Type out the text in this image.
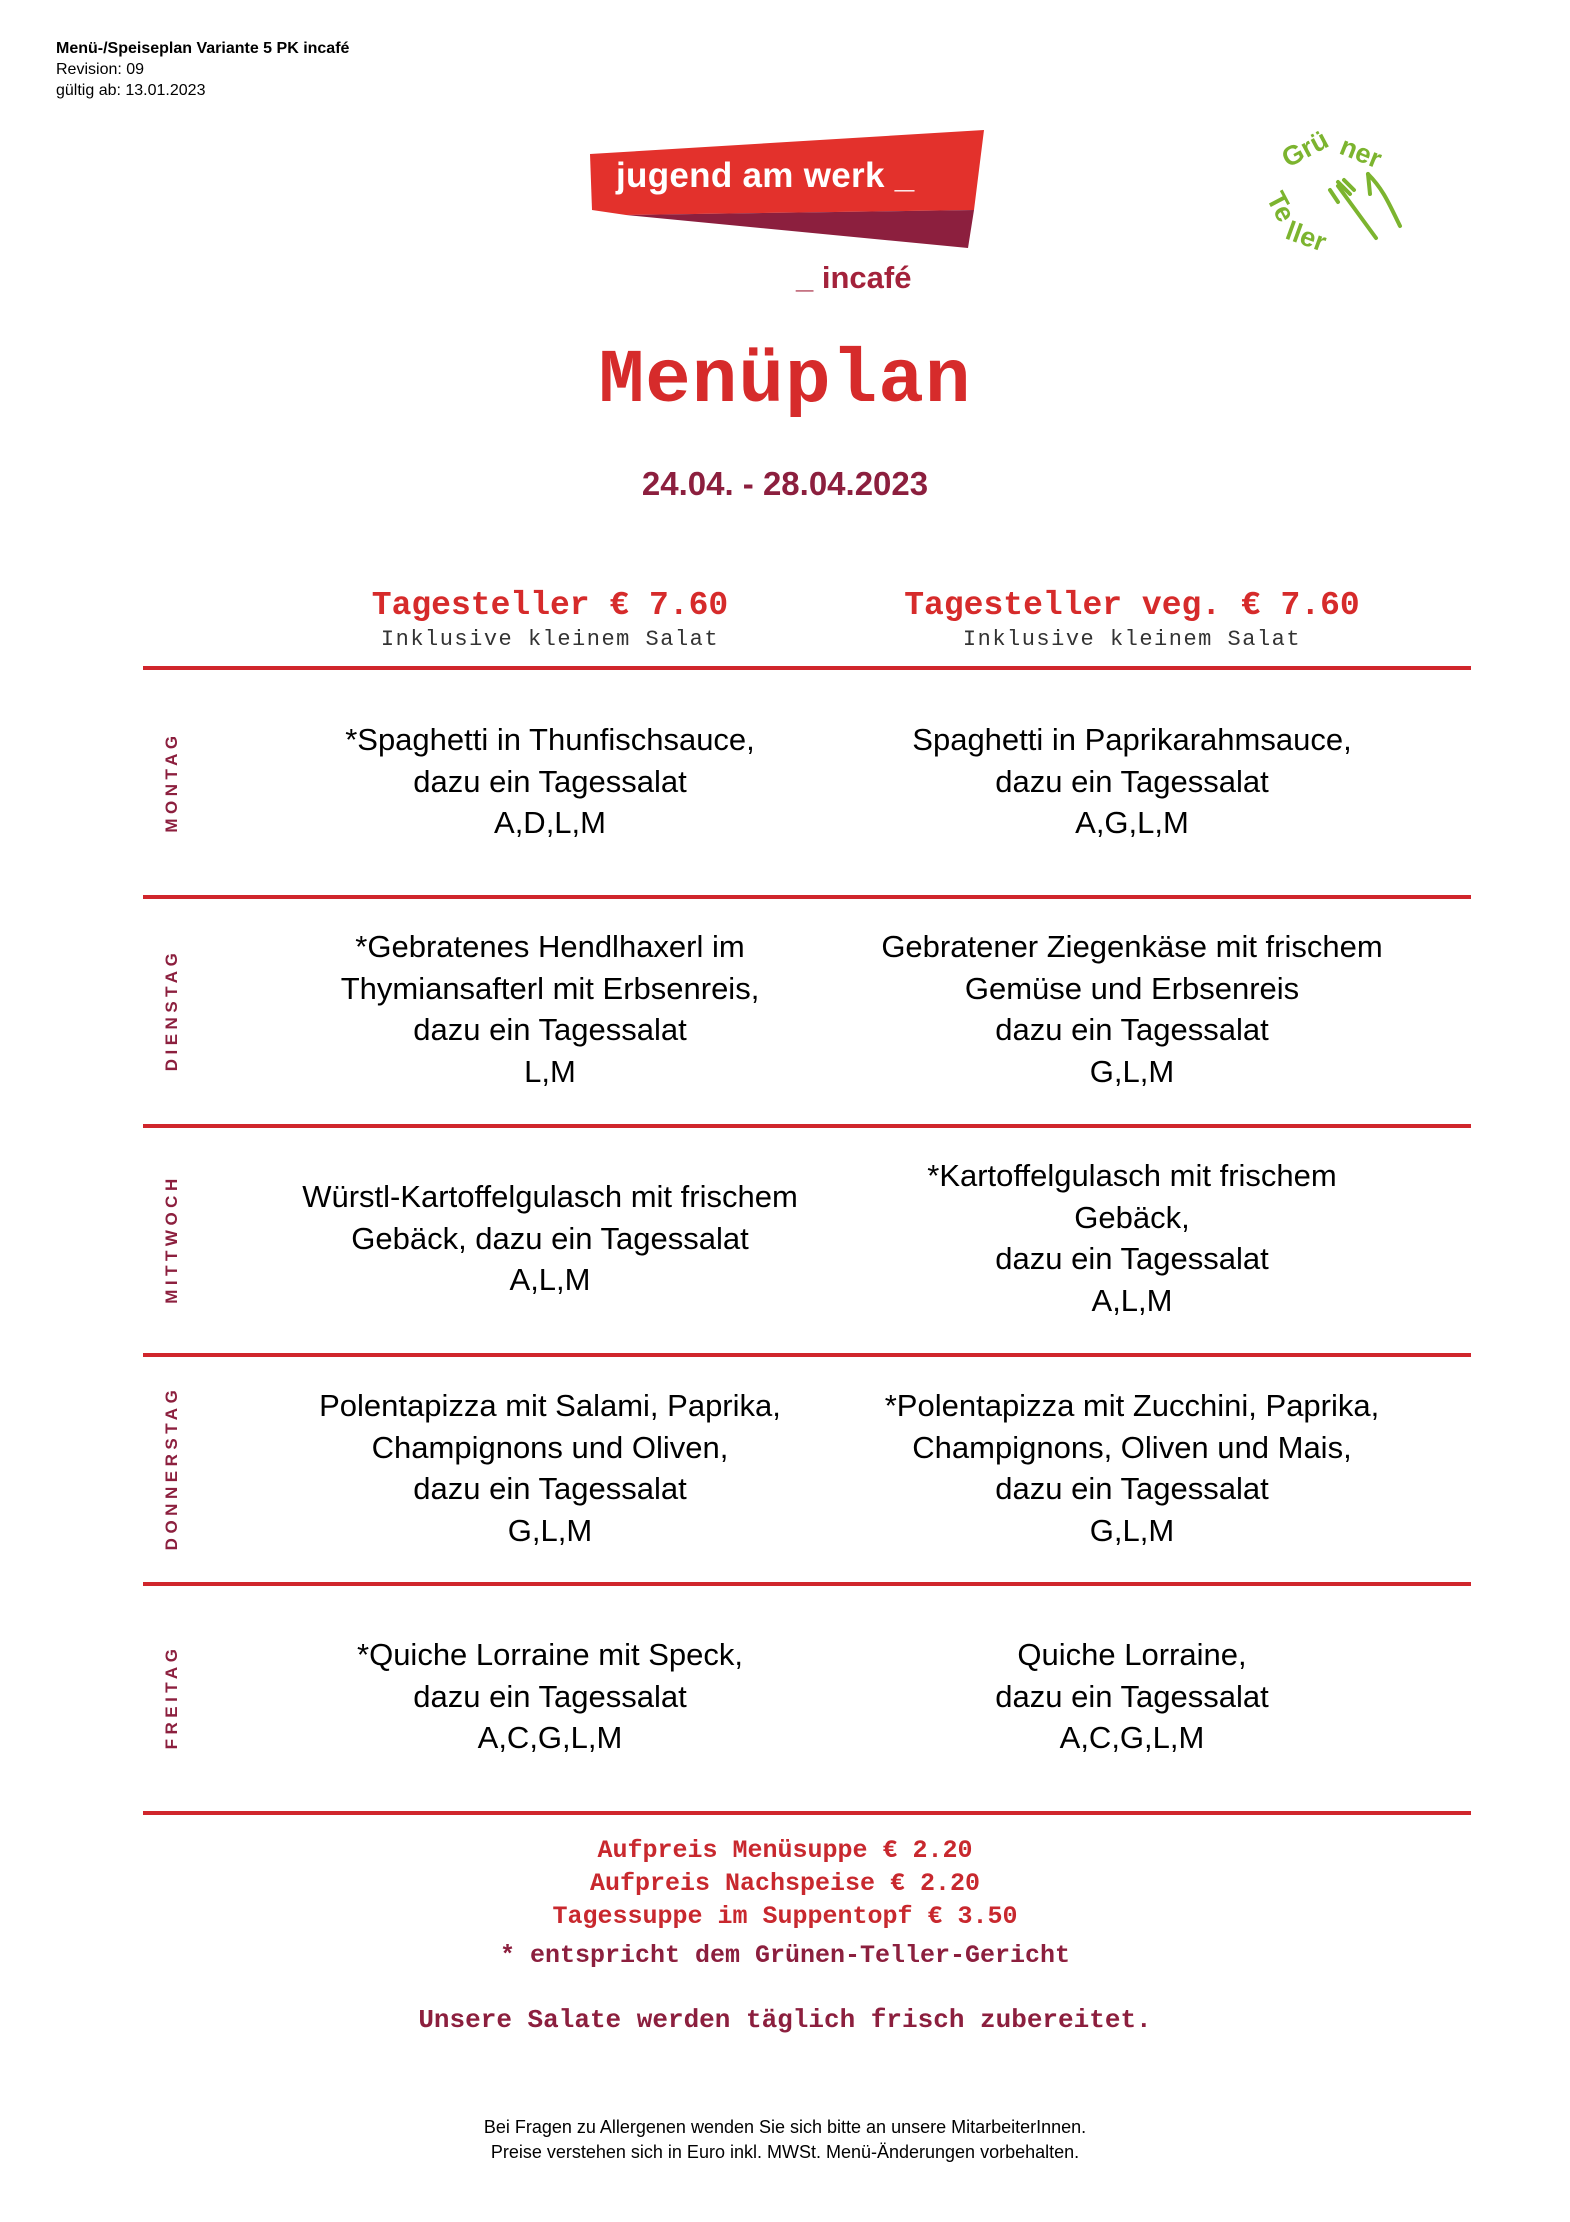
Menü-/Speiseplan Variante 5 PK incafé
Revision: 09
gültig ab: 13.01.2023
jugend am werk _
_ incafé
Grü ner
Te
ller
Menüplan
24.04. - 28.04.2023
Tagesteller € 7.60
Inklusive kleinem Salat
Tagesteller veg. € 7.60
Inklusive kleinem Salat
MONTAG
DIENSTAG
MITTWOCH
DONNERSTAG
FREITAG
*Spaghetti in Thunfischsauce,
dazu ein Tagessalat
A,D,L,M
Spaghetti in Paprikarahmsauce,
dazu ein Tagessalat
A,G,L,M
*Gebratenes Hendlhaxerl im
Thymiansafterl mit Erbsenreis,
dazu ein Tagessalat
L,M
Gebratener Ziegenkäse mit frischem
Gemüse und Erbsenreis
dazu ein Tagessalat
G,L,M
Würstl-Kartoffelgulasch mit frischem
Gebäck, dazu ein Tagessalat
A,L,M
*Kartoffelgulasch mit frischem
Gebäck,
dazu ein Tagessalat
A,L,M
Polentapizza mit Salami, Paprika,
Champignons und Oliven,
dazu ein Tagessalat
G,L,M
*Polentapizza mit Zucchini, Paprika,
Champignons, Oliven und Mais,
dazu ein Tagessalat
G,L,M
*Quiche Lorraine mit Speck,
dazu ein Tagessalat
A,C,G,L,M
Quiche Lorraine,
dazu ein Tagessalat
A,C,G,L,M
Aufpreis Menüsuppe € 2.20
Aufpreis Nachspeise € 2.20
Tagessuppe im Suppentopf € 3.50
* entspricht dem Grünen-Teller-Gericht
Unsere Salate werden täglich frisch zubereitet.
Bei Fragen zu Allergenen wenden Sie sich bitte an unsere MitarbeiterInnen.
Preise verstehen sich in Euro inkl. MWSt. Menü-Änderungen vorbehalten.
